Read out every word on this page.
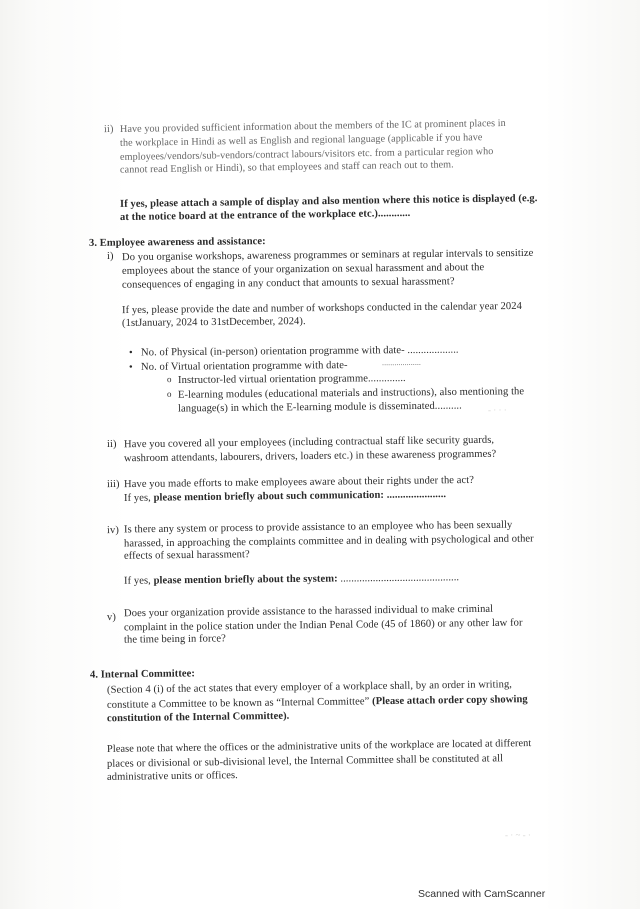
ii) Have you provided sufficient information about the members of the IC at prominent places in
the workplace in Hindi as well as English and regional language (applicable if you have
employees/vendors/sub-vendors/contract labours/visitors etc. from a particular region who
cannot read English or Hindi), so that employees and staff can reach out to them.
If yes, please attach a sample of display and also mention where this notice is displayed (e.g.
at the notice board at the entrance of the workplace etc.)............
3. Employee awareness and assistance:
i) Do you organise workshops, awareness programmes or seminars at regular intervals to sensitize
employees about the stance of your organization on sexual harassment and about the
consequences of engaging in any conduct that amounts to sexual harassment?
If yes, please provide the date and number of workshops conducted in the calendar year 2024
(1stJanuary, 2024 to 31stDecember, 2024).
• No. of Physical (in-person) orientation programme with date- ...................
• No. of Virtual orientation programme with date-	...................
o Instructor-led virtual orientation programme..............
o E-learning modules (educational materials and instructions), also mentioning the
language(s) in which the E-learning module is disseminated..........
ii) Have you covered all your employees (including contractual staff like security guards,
washroom attendants, labourers, drivers, loaders etc.) in these awareness programmes?
iii) Have you made efforts to make employees aware about their rights under the act?
If yes, please mention briefly about such communication: ......................
iv) Is there any system or process to provide assistance to an employee who has been sexually
harassed, in approaching the complaints committee and in dealing with psychological and other
effects of sexual harassment?
If yes, please mention briefly about the system: ............................................
v) Does your organization provide assistance to the harassed individual to make criminal
complaint in the police station under the Indian Penal Code (45 of 1860) or any other law for
the time being in force?
4. Internal Committee:
(Section 4 (i) of the act states that every employer of a workplace shall, by an order in writing,
constitute a Committee to be known as “Internal Committee” (Please attach order copy showing
constitution of the Internal Committee).
Please note that where the offices or the administrative units of the workplace are located at different
places or divisional or sub-divisional level, the Internal Committee shall be constituted at all
administrative units or offices.
- · · ·
- · ~ - ·
Scanned with CamScanner
